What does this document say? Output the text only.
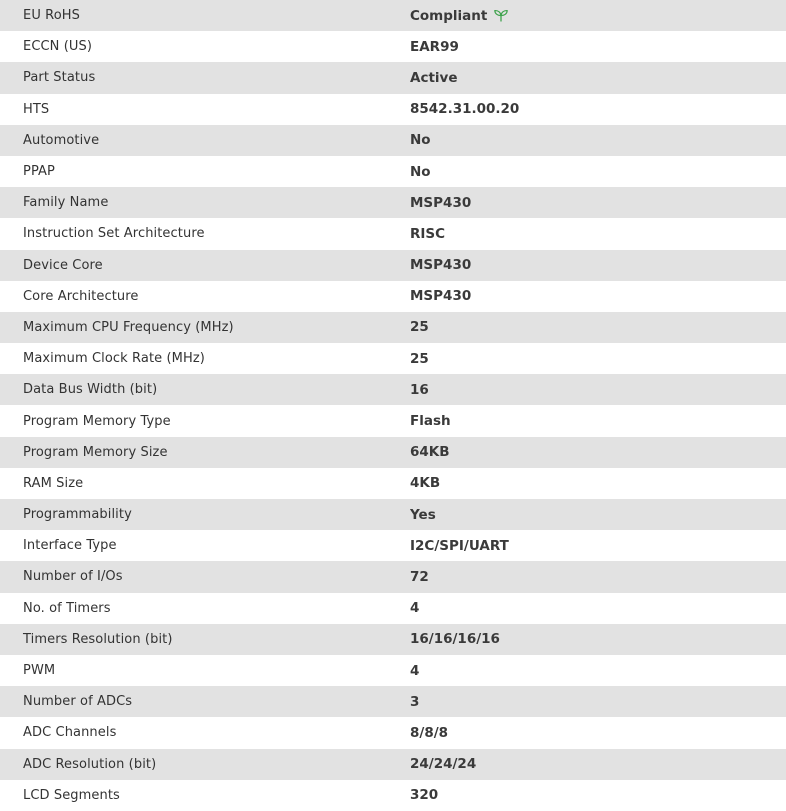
EU RoHS	Compliant
ECCN (US)	EAR99
Part Status	Active
HTS	8542.31.00.20
Automotive	No
PPAP	No
Family Name	MSP430
Instruction Set Architecture	RISC
Device Core	MSP430
Core Architecture	MSP430
Maximum CPU Frequency (MHz)	25
Maximum Clock Rate (MHz)	25
Data Bus Width (bit)	16
Program Memory Type	Flash
Program Memory Size	64KB
RAM Size	4KB
Programmability	Yes
Interface Type	I2C/SPI/UART
Number of I/Os	72
No. of Timers	4
Timers Resolution (bit)	16/16/16/16
PWM	4
Number of ADCs	3
ADC Channels	8/8/8
ADC Resolution (bit)	24/24/24
LCD Segments	320
